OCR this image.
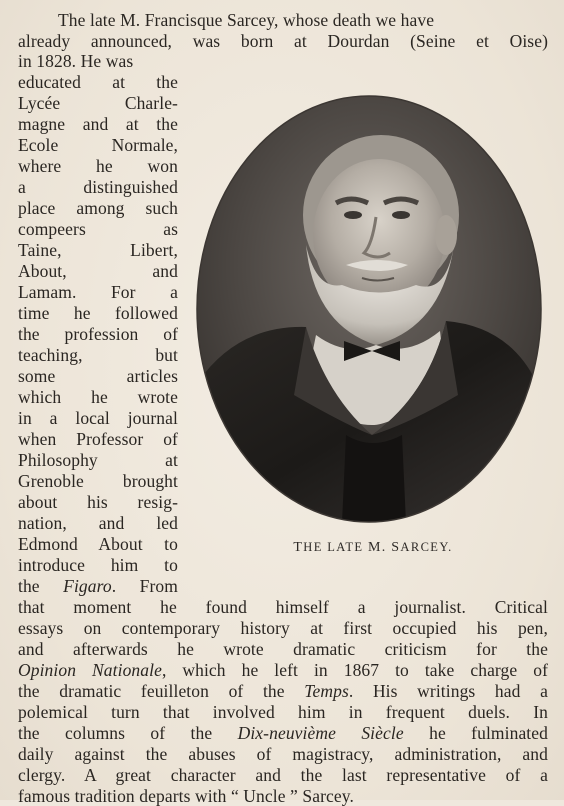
The late M. Francisque Sarcey, whose death we have
already announced, was born at Dourdan (Seine et Oise)
in 1828. He was
educated at the
Lycée Charle-
magne and at the
Ecole Normale,
where he won
a distinguished
place among such
compeers as
Taine, Libert,
About, and
Lamam. For a
time he followed
the profession of
teaching, but
some articles
which he wrote
in a local journal
when Professor of
Philosophy at
Grenoble brought
about his resig-
nation, and led
Edmond About to
introduce him to
the Figaro. From
that moment he found himself a journalist. Critical
essays on contemporary history at first occupied his pen,
and afterwards he wrote dramatic criticism for the
Opinion Nationale, which he left in 1867 to take charge of
the dramatic feuilleton of the Temps. His writings had a
polemical turn that involved him in frequent duels. In
the columns of the Dix-neuvième Siècle he fulminated
daily against the abuses of magistracy, administration, and
clergy. A great character and the last representative of a
famous tradition departs with “ Uncle ” Sarcey.
THE LATE M. SARCEY.
